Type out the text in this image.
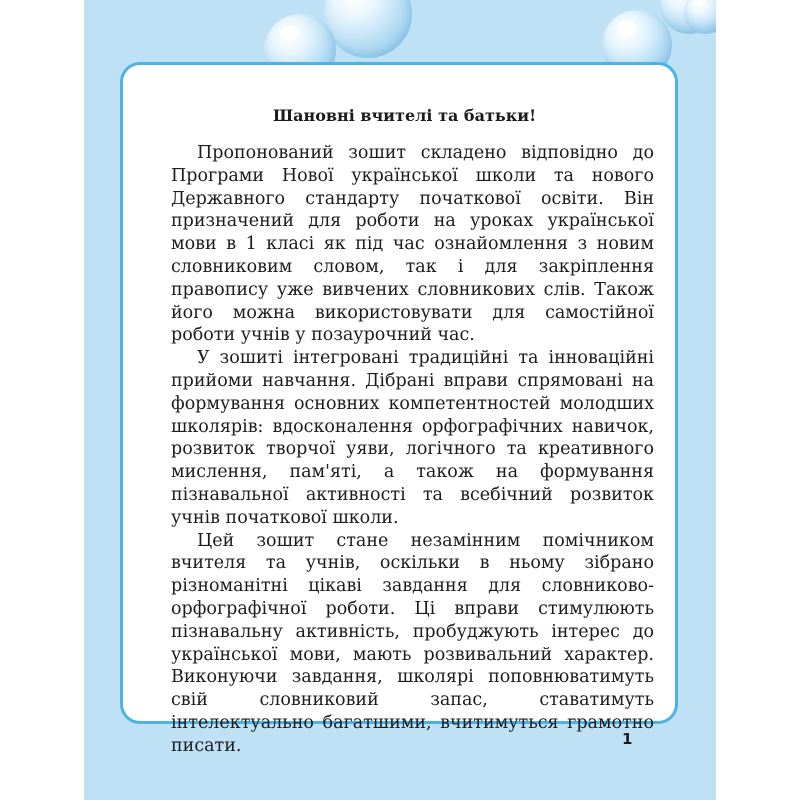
Шановні вчителі та батьки!

Пропонований зошит складено відповідно до Програми Нової української школи та нового Державного стандарту початкової освіти. Він призначений для роботи на уроках української мови в 1 класі як під час ознайомлення з новим словниковим словом, так і для закріплення правопису уже вивчених словникових слів. Також його можна використовувати для самостійної роботи учнів у позаурочний час.

У зошиті інтегровані традиційні та інноваційні прийоми навчання. Дібрані вправи спрямовані на формування основних компетентностей молодших школярів: вдосконалення орфографічних навичок, розвиток творчої уяви, логічного та креативного мислення, пам'яті, а також на формування пізнавальної активності та всебічний розвиток учнів початкової школи.

Цей зошит стане незамінним помічником вчителя та учнів, оскільки в ньому зібрано різноманітні цікаві завдання для словниково-орфографічної роботи. Ці вправи стимулюють пізнавальну активність, пробуджують інтерес до української мови, мають розвивальний характер. Виконуючи завдання, школярі поповнюватимуть свій словниковий запас, ставатимуть інтелектуально багатшими, вчитимуться грамотно писати.	1
